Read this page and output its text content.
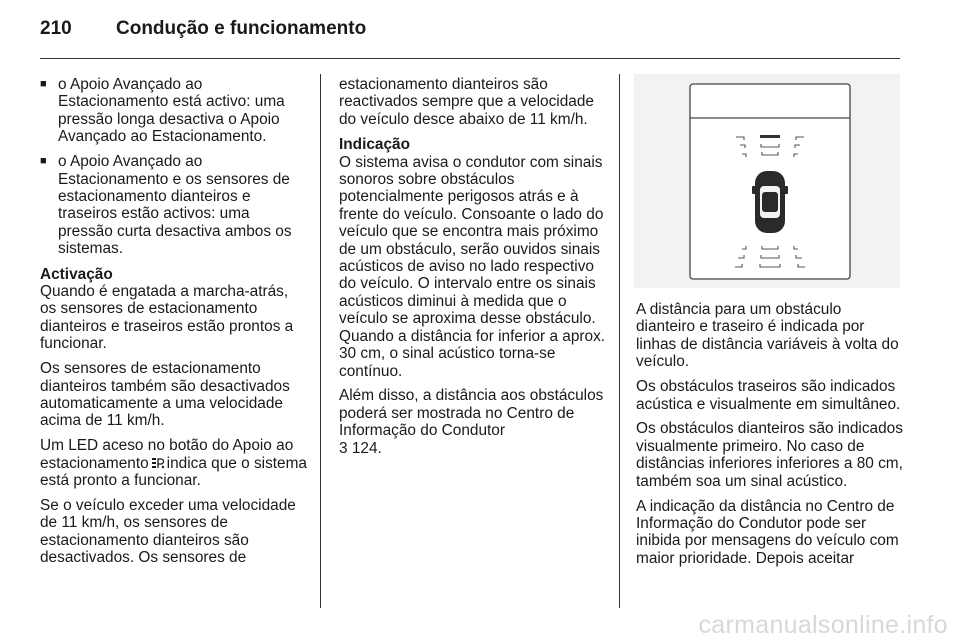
210	Condução e funcionamento
■ o Apoio Avançado ao Estacionamento está activo: uma pressão longa desactiva o Apoio Avançado ao Estacionamento.
■ o Apoio Avançado ao Estacionamento e os sensores de estacionamento dianteiros e traseiros estão activos: uma pressão curta desactiva ambos os sistemas.
Activação

Quando é engatada a marcha-atrás, os sensores de estacionamento dianteiros e traseiros estão prontos a funcionar.

Os sensores de estacionamento dianteiros também são desactivados automaticamente a uma velocidade acima de 11 km/h.

Um LED aceso no botão do Apoio ao estacionamento indica que o sistema está pronto a funcionar.

Se o veículo exceder uma velocidade de 11 km/h, os sensores de estacionamento dianteiros são desactivados. Os sensores de

estacionamento dianteiros são reactivados sempre que a velocidade do veículo desce abaixo de 11 km/h.

Indicação

O sistema avisa o condutor com sinais sonoros sobre obstáculos potencialmente perigosos atrás e à frente do veículo. Consoante o lado do veículo que se encontra mais próximo de um obstáculo, serão ouvidos sinais acústicos de aviso no lado respectivo do veículo. O intervalo entre os sinais acústicos diminui à medida que o veículo se aproxima desse obstáculo. Quando a distância for inferior a aprox. 30 cm, o sinal acústico torna-se contínuo.

Além disso, a distância aos obstáculos poderá ser mostrada no Centro de Informação do Condutor
3 124.

A distância para um obstáculo dianteiro e traseiro é indicada por linhas de distância variáveis à volta do veículo.

Os obstáculos traseiros são indicados acústica e visualmente em simultâneo.

Os obstáculos dianteiros são indicados visualmente primeiro. No caso de distâncias inferiores inferiores a 80 cm, também soa um sinal acústico.

A indicação da distância no Centro de Informação do Condutor pode ser inibida por mensagens do veículo com maior prioridade. Depois aceitar

carmanualsonline.info
